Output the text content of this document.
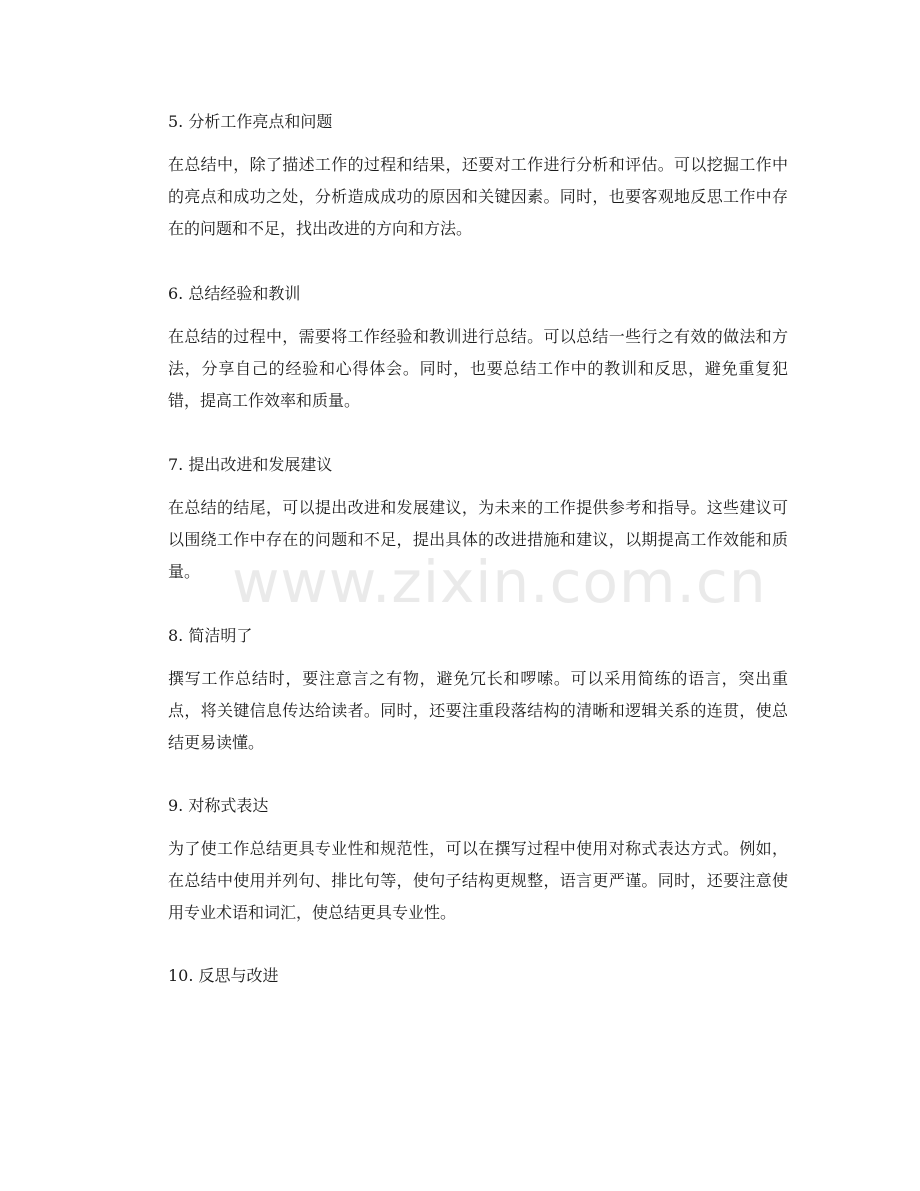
5. 分析工作亮点和问题

在总结中，除了描述工作的过程和结果，还要对工作进行分析和评估。可以挖掘工作中的亮点和成功之处，分析造成成功的原因和关键因素。同时，也要客观地反思工作中存在的问题和不足，找出改进的方向和方法。

6. 总结经验和教训

在总结的过程中，需要将工作经验和教训进行总结。可以总结一些行之有效的做法和方法，分享自己的经验和心得体会。同时，也要总结工作中的教训和反思，避免重复犯错，提高工作效率和质量。

7. 提出改进和发展建议

在总结的结尾，可以提出改进和发展建议，为未来的工作提供参考和指导。这些建议可以围绕工作中存在的问题和不足，提出具体的改进措施和建议，以期提高工作效能和质量。

8. 简洁明了

撰写工作总结时，要注意言之有物，避免冗长和啰嗦。可以采用简练的语言，突出重点，将关键信息传达给读者。同时，还要注重段落结构的清晰和逻辑关系的连贯，使总结更易读懂。

9. 对称式表达

为了使工作总结更具专业性和规范性，可以在撰写过程中使用对称式表达方式。例如，在总结中使用并列句、排比句等，使句子结构更规整，语言更严谨。同时，还要注意使用专业术语和词汇，使总结更具专业性。

10. 反思与改进

www.zixin.com.cn
